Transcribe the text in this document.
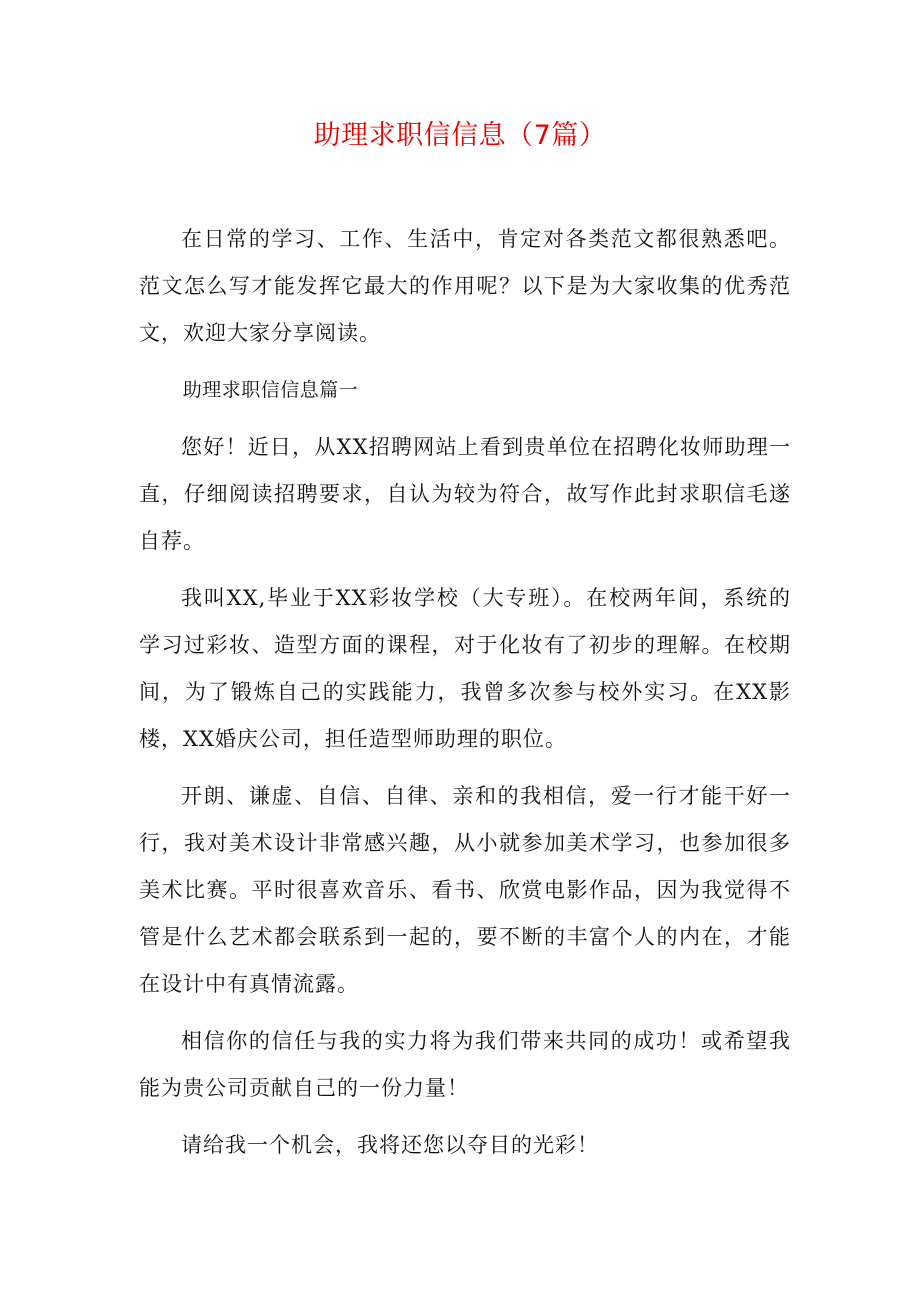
助理求职信信息（7篇）

在日常的学习、工作、生活中，肯定对各类范文都很熟悉吧。范文怎么写才能发挥它最大的作用呢？以下是为大家收集的优秀范文，欢迎大家分享阅读。

助理求职信信息篇一

您好！近日，从XX招聘网站上看到贵单位在招聘化妆师助理一直，仔细阅读招聘要求，自认为较为符合，故写作此封求职信毛遂自荐。

我叫XX,毕业于XX彩妆学校（大专班）。在校两年间，系统的学习过彩妆、造型方面的课程，对于化妆有了初步的理解。在校期间，为了锻炼自己的实践能力，我曾多次参与校外实习。在XX影楼，XX婚庆公司，担任造型师助理的职位。

开朗、谦虚、自信、自律、亲和的我相信，爱一行才能干好一行，我对美术设计非常感兴趣，从小就参加美术学习，也参加很多美术比赛。平时很喜欢音乐、看书、欣赏电影作品，因为我觉得不管是什么艺术都会联系到一起的，要不断的丰富个人的内在，才能在设计中有真情流露。

相信你的信任与我的实力将为我们带来共同的成功！或希望我能为贵公司贡献自己的一份力量！

请给我一个机会，我将还您以夺目的光彩！
